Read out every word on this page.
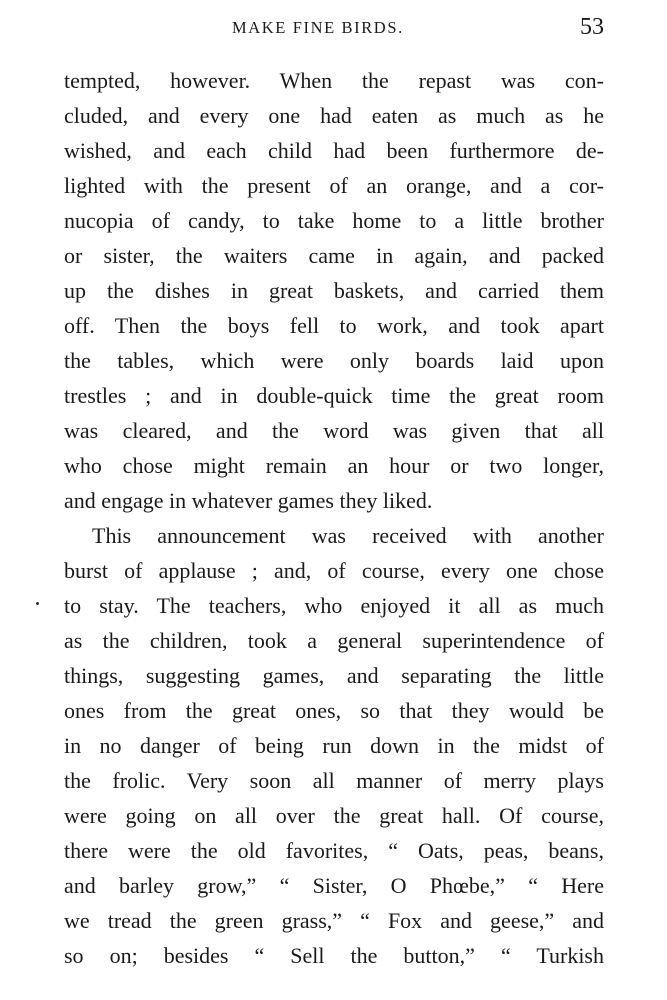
MAKE FINE BIRDS.	53
tempted, however. When the repast was con-
cluded, and every one had eaten as much as he
wished, and each child had been furthermore de-
lighted with the present of an orange, and a cor-
nucopia of candy, to take home to a little brother
or sister, the waiters came in again, and packed
up the dishes in great baskets, and carried them
off. Then the boys fell to work, and took apart
the tables, which were only boards laid upon
trestles ; and in double-quick time the great room
was cleared, and the word was given that all
who chose might remain an hour or two longer,
and engage in whatever games they liked.
This announcement was received with another
burst of applause ; and, of course, every one chose
to stay. The teachers, who enjoyed it all as much
as the children, took a general superintendence of
things, suggesting games, and separating the little
ones from the great ones, so that they would be
in no danger of being run down in the midst of
the frolic. Very soon all manner of merry plays
were going on all over the great hall. Of course,
there were the old favorites, “ Oats, peas, beans,
and barley grow,” “ Sister, O Phœbe,” “ Here
we tread the green grass,” “ Fox and geese,” and
so on; besides “ Sell the button,” “ Turkish
